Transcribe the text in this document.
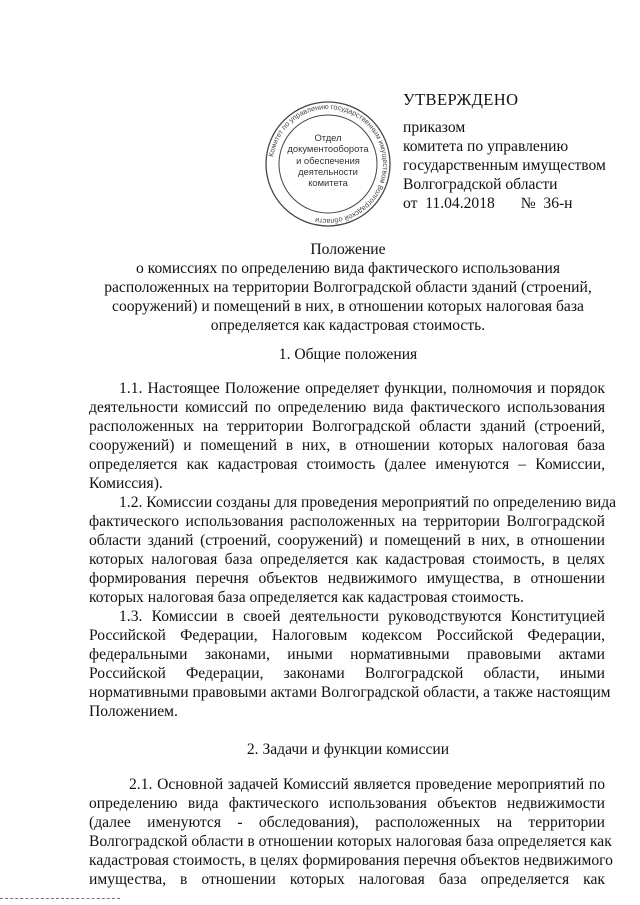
Комитет по управлению государственным имуществом Волгоградской области
Отдел
документооборота
и обеспечения
деятельности
комитета
УТВЕРЖДЕНО
приказом
комитета по управлению
государственным имуществом
Волгоградской области
от 11.04.2018 № 36-н
Положение
о комиссиях по определению вида фактического использования
расположенных на территории Волгоградской области зданий (строений,
сооружений) и помещений в них, в отношении которых налоговая база
определяется как кадастровая стоимость.
1. Общие положения
1.1. Настоящее Положение определяет функции, полномочия и порядок
деятельности комиссий по определению вида фактического использования
расположенных на территории Волгоградской области зданий (строений,
сооружений) и помещений в них, в отношении которых налоговая база
определяется как кадастровая стоимость (далее именуются – Комиссии,
Комиссия).
1.2. Комиссии созданы для проведения мероприятий по определению вида
фактического использования расположенных на территории Волгоградской
области зданий (строений, сооружений) и помещений в них, в отношении
которых налоговая база определяется как кадастровая стоимость, в целях
формирования перечня объектов недвижимого имущества, в отношении
которых налоговая база определяется как кадастровая стоимость.
1.3. Комиссии в своей деятельности руководствуются Конституцией
Российской Федерации, Налоговым кодексом Российской Федерации,
федеральными законами, иными нормативными правовыми актами
Российской Федерации, законами Волгоградской области, иными
нормативными правовыми актами Волгоградской области, а также настоящим
Положением.
2. Задачи и функции комиссии
2.1. Основной задачей Комиссий является проведение мероприятий по
определению вида фактического использования объектов недвижимости
(далее именуются - обследования), расположенных на территории
Волгоградской области в отношении которых налоговая база определяется как
кадастровая стоимость, в целях формирования перечня объектов недвижимого
имущества, в отношении которых налоговая база определяется как
